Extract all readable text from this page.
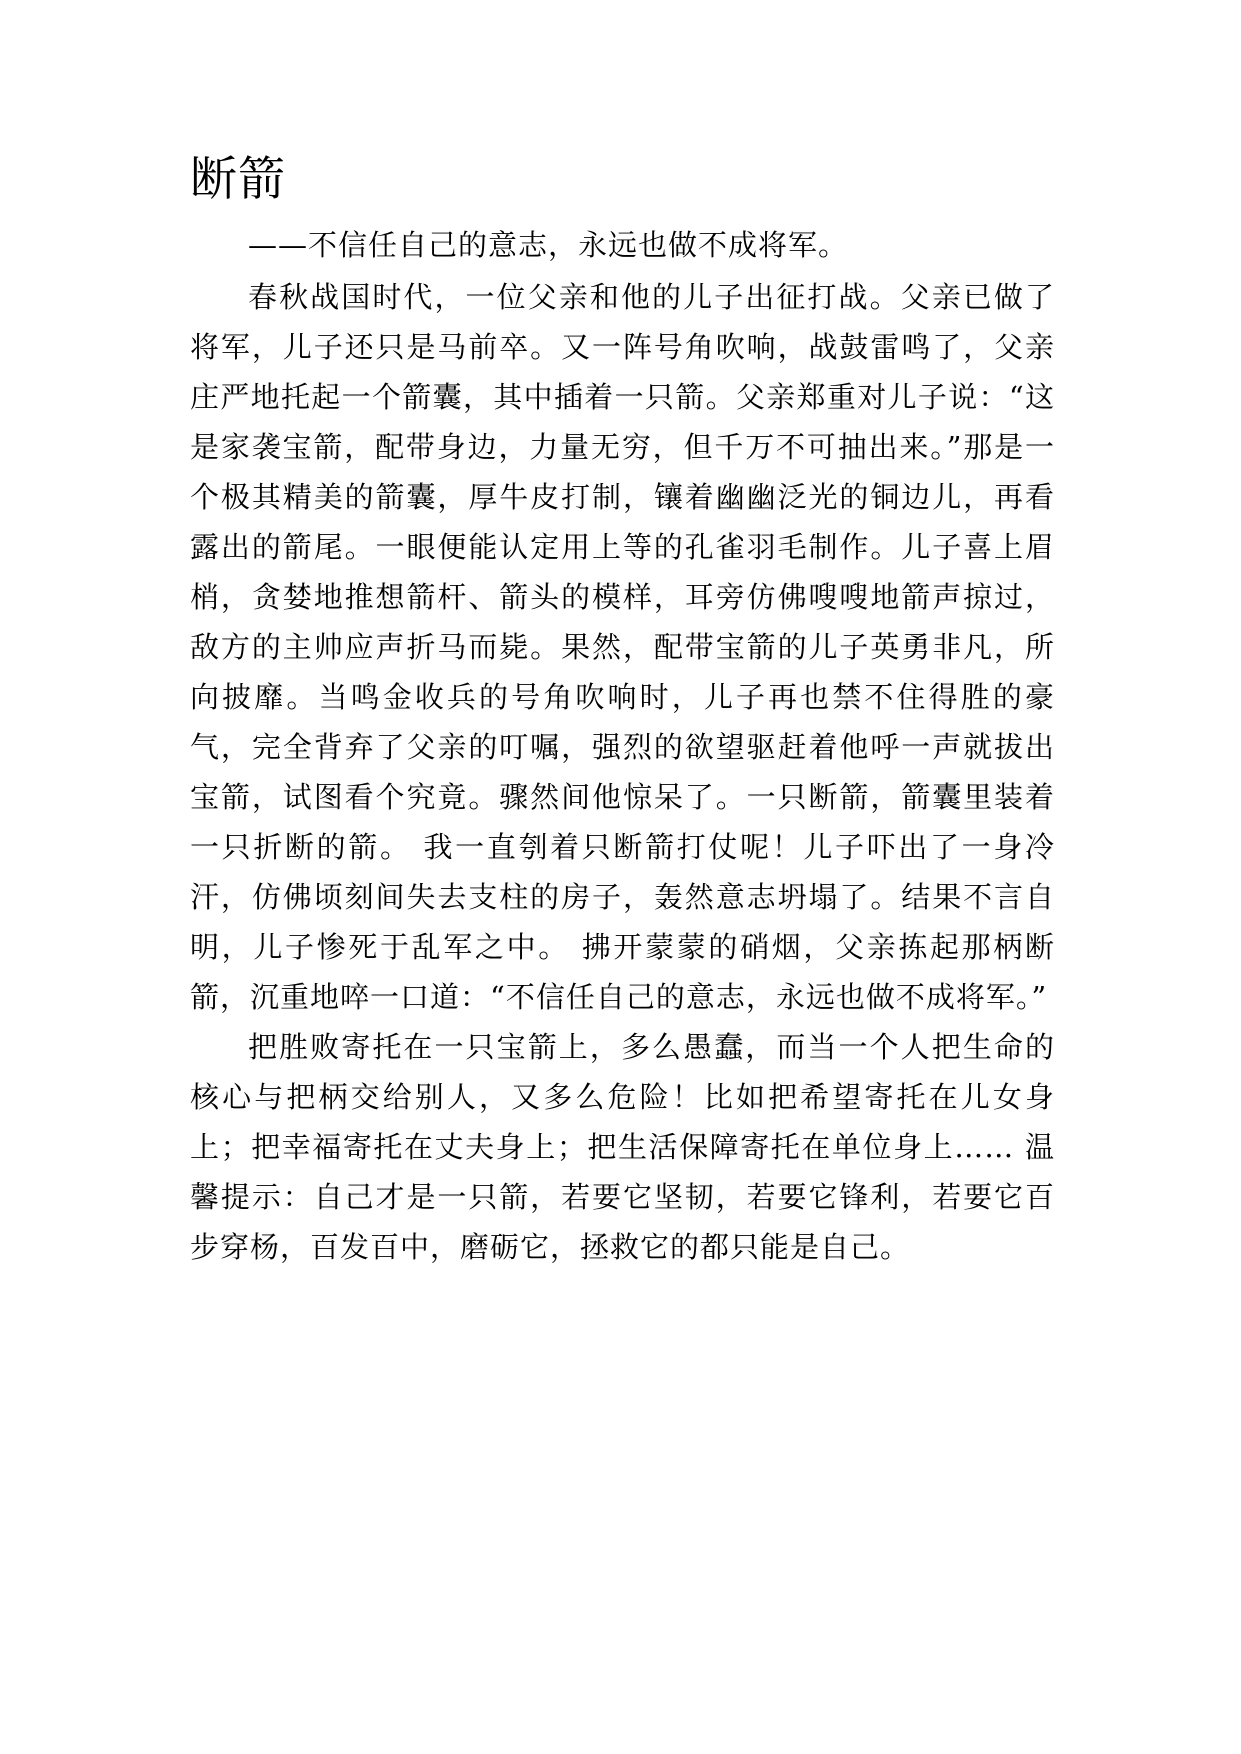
断箭

——不信任自己的意志，永远也做不成将军。

春秋战国时代，一位父亲和他的儿子出征打战。父亲已做了将军，儿子还只是马前卒。又一阵号角吹响，战鼓雷鸣了，父亲庄严地托起一个箭囊，其中插着一只箭。父亲郑重对儿子说：“这是家袭宝箭，配带身边，力量无穷，但千万不可抽出来。”那是一个极其精美的箭囊，厚牛皮打制，镶着幽幽泛光的铜边儿，再看露出的箭尾。一眼便能认定用上等的孔雀羽毛制作。儿子喜上眉梢，贪婪地推想箭杆、箭头的模样，耳旁仿佛嗖嗖地箭声掠过，敌方的主帅应声折马而毙。果然，配带宝箭的儿子英勇非凡，所向披靡。当鸣金收兵的号角吹响时，儿子再也禁不住得胜的豪气，完全背弃了父亲的叮嘱，强烈的欲望驱赶着他呼一声就拔出宝箭，试图看个究竟。骤然间他惊呆了。一只断箭，箭囊里装着一只折断的箭。 我一直刳着只断箭打仗呢！儿子吓出了一身冷汗，仿佛顷刻间失去支柱的房子，轰然意志坍塌了。结果不言自明，儿子惨死于乱军之中。 拂开蒙蒙的硝烟，父亲拣起那柄断箭，沉重地啐一口道：“不信任自己的意志，永远也做不成将军。”

把胜败寄托在一只宝箭上，多么愚蠢，而当一个人把生命的核心与把柄交给别人，又多么危险！比如把希望寄托在儿女身上；把幸福寄托在丈夫身上；把生活保障寄托在单位身上…… 温馨提示：自己才是一只箭，若要它坚韧，若要它锋利，若要它百步穿杨，百发百中，磨砺它，拯救它的都只能是自己。
